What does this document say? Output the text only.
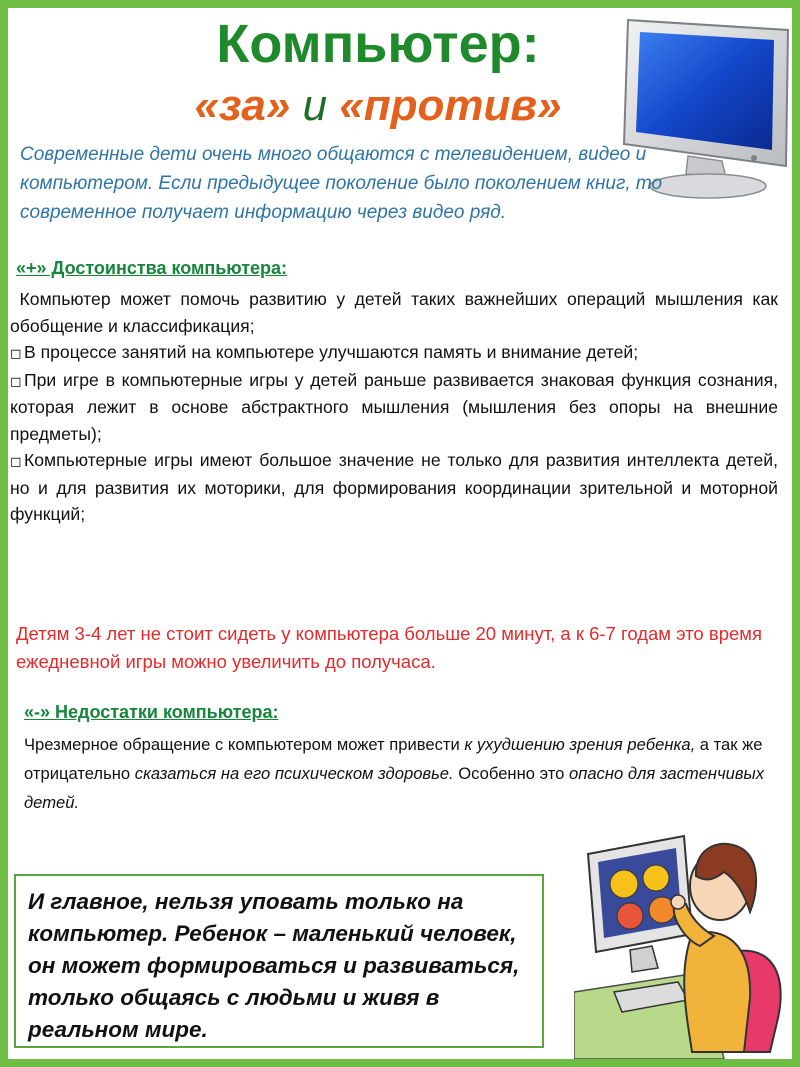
Компьютер:
«за» и «против»
Современные дети очень много общаются с телевидением, видео и компьютером. Если предыдущее поколение было поколением книг, то современное получает информацию через видео ряд.
«+» Достоинства компьютера:

Компьютер может помочь развитию у детей таких важнейших операций мышления как обобщение и классификация;

◻ В процессе занятий на компьютере улучшаются память и внимание детей;

◻ При игре в компьютерные игры у детей раньше развивается знаковая функция сознания, которая лежит в основе абстрактного мышления (мышления без опоры на внешние предметы);

◻ Компьютерные игры имеют большое значение не только для развития интеллекта детей, но и для развития их моторики, для формирования координации зрительной и моторной функций;

Детям 3-4 лет не стоит сидеть у компьютера больше 20 минут, а к 6-7 годам это время ежедневной игры можно увеличить до получаса.
«-» Недостатки компьютера:
Чрезмерное обращение с компьютером может привести к ухудшению зрения ребенка, а так же отрицательно сказаться на его психическом здоровье. Особенно это опасно для застенчивых детей.
И главное, нельзя уповать только на компьютер. Ребенок – маленький человек, он может формироваться и развиваться, только общаясь с людьми и живя в реальном мире.
